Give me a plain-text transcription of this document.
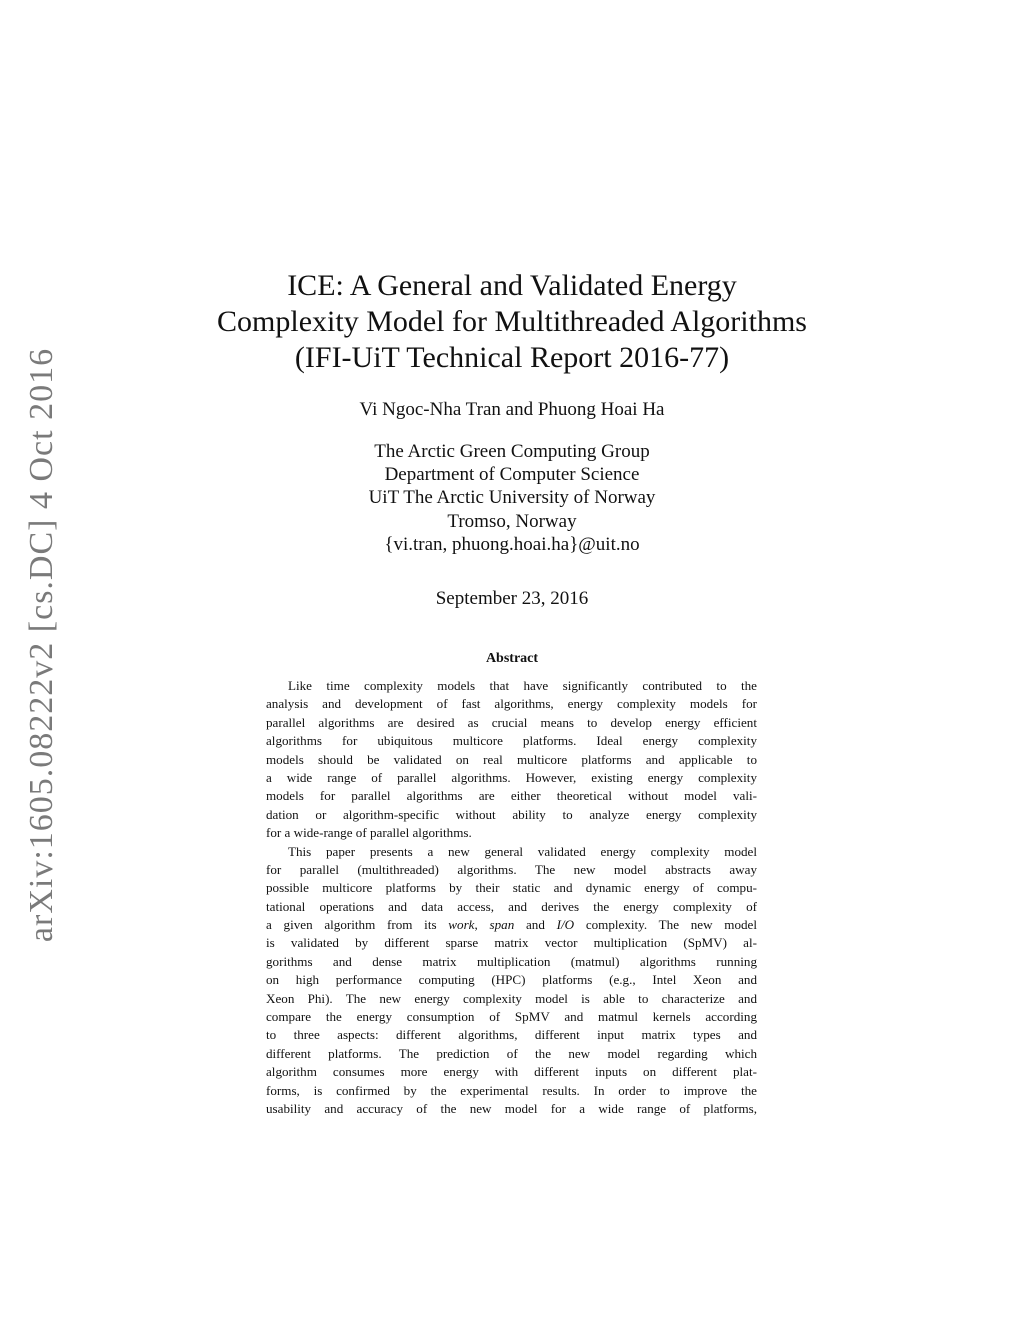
arXiv:1605.08222v2 [cs.DC] 4 Oct 2016
ICE: A General and Validated Energy
Complexity Model for Multithreaded Algorithms
(IFI-UiT Technical Report 2016-77)
Vi Ngoc-Nha Tran and Phuong Hoai Ha
The Arctic Green Computing Group
Department of Computer Science
UiT The Arctic University of Norway
Tromso, Norway
{vi.tran, phuong.hoai.ha}@uit.no
September 23, 2016
Abstract
Like time complexity models that have significantly contributed to the
analysis and development of fast algorithms, energy complexity models for
parallel algorithms are desired as crucial means to develop energy efficient
algorithms for ubiquitous multicore platforms. Ideal energy complexity
models should be validated on real multicore platforms and applicable to
a wide range of parallel algorithms. However, existing energy complexity
models for parallel algorithms are either theoretical without model vali-
dation or algorithm-specific without ability to analyze energy complexity
for a wide-range of parallel algorithms.
This paper presents a new general validated energy complexity model
for parallel (multithreaded) algorithms. The new model abstracts away
possible multicore platforms by their static and dynamic energy of compu-
tational operations and data access, and derives the energy complexity of
a given algorithm from its work, span and I/O complexity. The new model
is validated by different sparse matrix vector multiplication (SpMV) al-
gorithms and dense matrix multiplication (matmul) algorithms running
on high performance computing (HPC) platforms (e.g., Intel Xeon and
Xeon Phi). The new energy complexity model is able to characterize and
compare the energy consumption of SpMV and matmul kernels according
to three aspects: different algorithms, different input matrix types and
different platforms. The prediction of the new model regarding which
algorithm consumes more energy with different inputs on different plat-
forms, is confirmed by the experimental results. In order to improve the
usability and accuracy of the new model for a wide range of platforms,
